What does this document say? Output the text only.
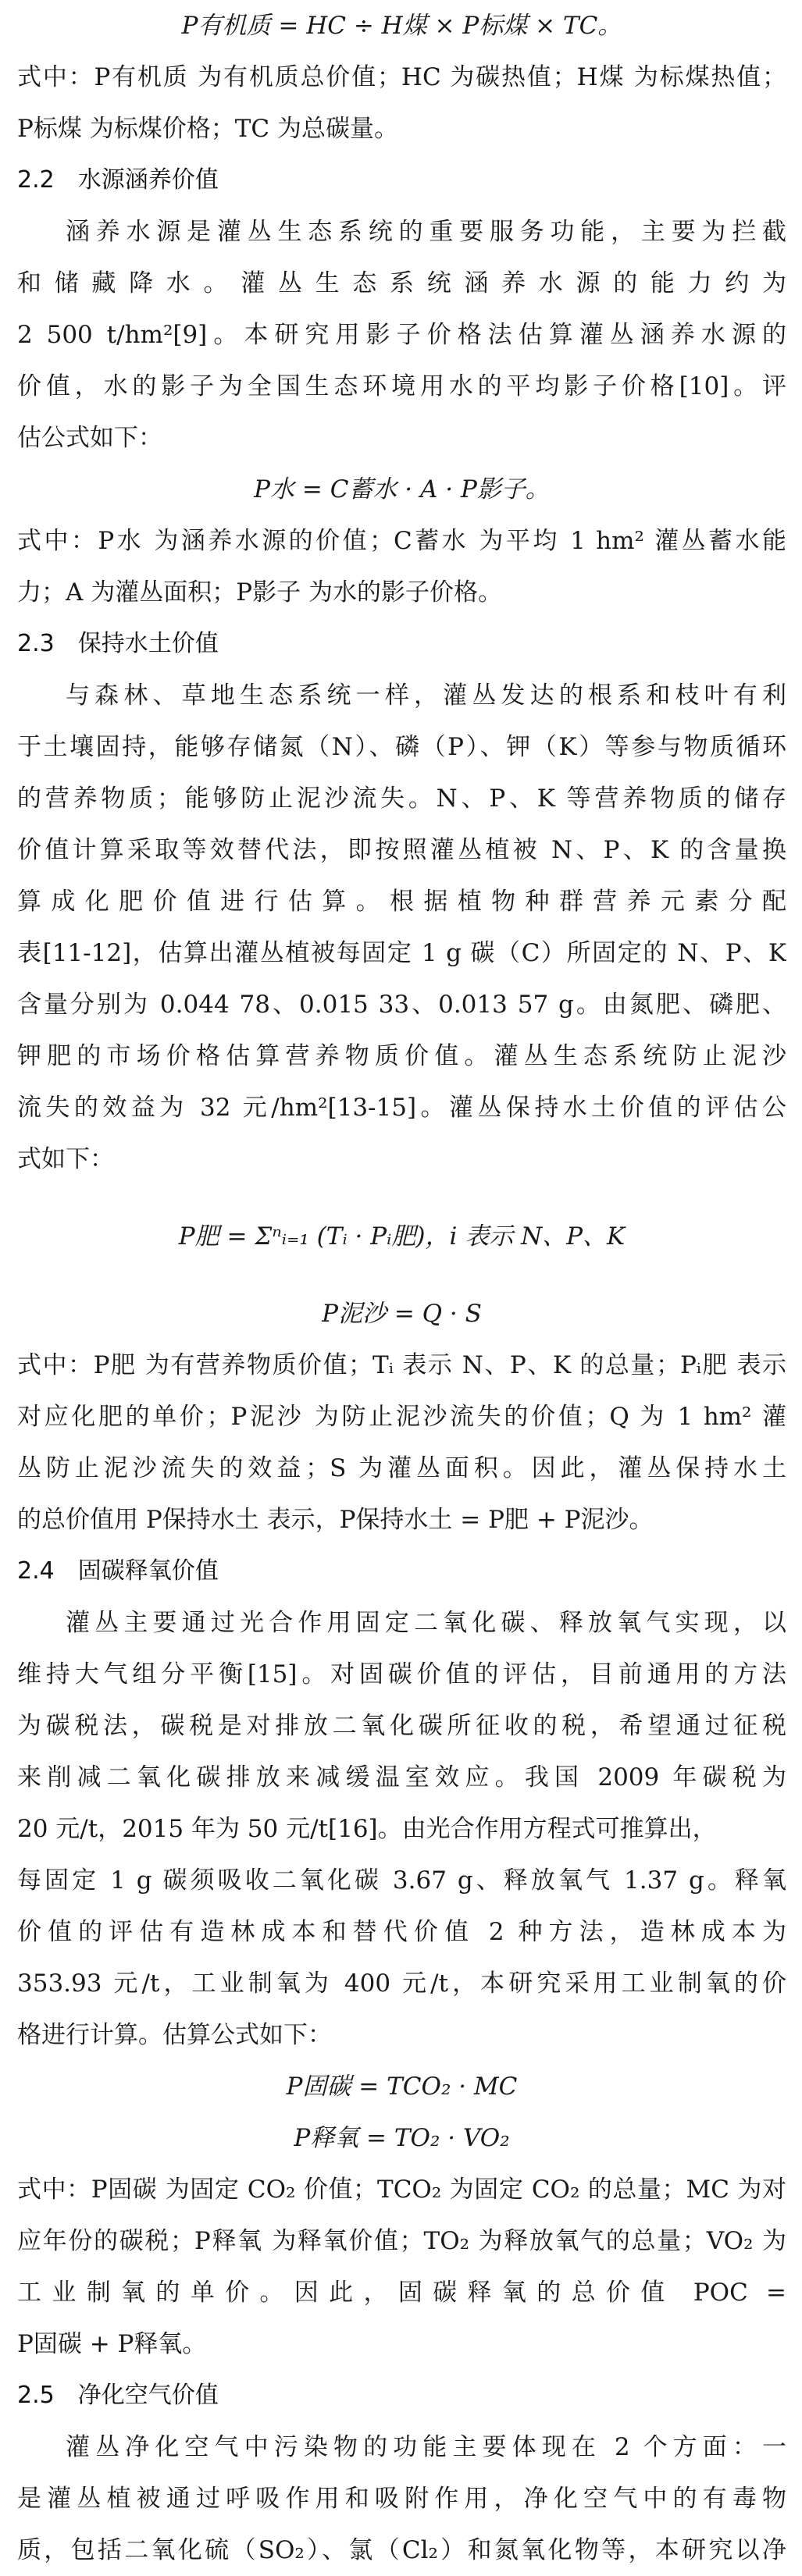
P有机质 = HC ÷ H煤 × P标煤 × TC。
式中：P有机质 为有机质总价值；HC 为碳热值；H煤 为标煤热值；
P标煤 为标煤价格；TC 为总碳量。
2.2　水源涵养价值
涵养水源是灌丛生态系统的重要服务功能，主要为拦截
和储藏降水。灌丛生态系统涵养水源的能力约为
2 500 t/hm²[9]。本研究用影子价格法估算灌丛涵养水源的
价值，水的影子为全国生态环境用水的平均影子价格[10]。评
估公式如下：
P水 = C蓄水 · A · P影子。
式中：P水 为涵养水源的价值；C蓄水 为平均 1 hm² 灌丛蓄水能
力；A 为灌丛面积；P影子 为水的影子价格。
2.3　保持水土价值
与森林、草地生态系统一样，灌丛发达的根系和枝叶有利
于土壤固持，能够存储氮（N）、磷（P）、钾（K）等参与物质循环
的营养物质；能够防止泥沙流失。N、P、K 等营养物质的储存
价值计算采取等效替代法，即按照灌丛植被 N、P、K 的含量换
算成化肥价值进行估算。根据植物种群营养元素分配
表[11-12]，估算出灌丛植被每固定 1 g 碳（C）所固定的 N、P、K
含量分别为 0.044 78、0.015 33、0.013 57 g。由氮肥、磷肥、
钾肥的市场价格估算营养物质价值。灌丛生态系统防止泥沙
流失的效益为 32 元/hm²[13-15]。灌丛保持水土价值的评估公
式如下：
P肥 = Σⁿᵢ₌₁ (Tᵢ · Pᵢ肥)，i 表示 N、P、K
P泥沙 = Q · S
式中：P肥 为有营养物质价值；Tᵢ 表示 N、P、K 的总量；Pᵢ肥 表示
对应化肥的单价；P泥沙 为防止泥沙流失的价值；Q 为 1 hm² 灌
丛防止泥沙流失的效益；S 为灌丛面积。因此，灌丛保持水土
的总价值用 P保持水土 表示，P保持水土 = P肥 + P泥沙。
2.4　固碳释氧价值
灌丛主要通过光合作用固定二氧化碳、释放氧气实现，以
维持大气组分平衡[15]。对固碳价值的评估，目前通用的方法
为碳税法，碳税是对排放二氧化碳所征收的税，希望通过征税
来削减二氧化碳排放来减缓温室效应。我国 2009 年碳税为
20 元/t，2015 年为 50 元/t[16]。由光合作用方程式可推算出，
每固定 1 g 碳须吸收二氧化碳 3.67 g、释放氧气 1.37 g。释氧
价值的评估有造林成本和替代价值 2 种方法，造林成本为
353.93 元/t，工业制氧为 400 元/t，本研究采用工业制氧的价
格进行计算。估算公式如下：
P固碳 = TCO₂ · MC
P释氧 = TO₂ · VO₂
式中：P固碳 为固定 CO₂ 价值；TCO₂ 为固定 CO₂ 的总量；MC 为对
应年份的碳税；P释氧 为释氧价值；TO₂ 为释放氧气的总量；VO₂ 为
工业制氧的单价。因此，固碳释氧的总价值 POC =
P固碳 + P释氧。
2.5　净化空气价值
灌丛净化空气中污染物的功能主要体现在 2 个方面：一
是灌丛植被通过呼吸作用和吸附作用，净化空气中的有毒物
质，包括二氧化硫（SO₂）、氯（Cl₂）和氮氧化物等，本研究以净
